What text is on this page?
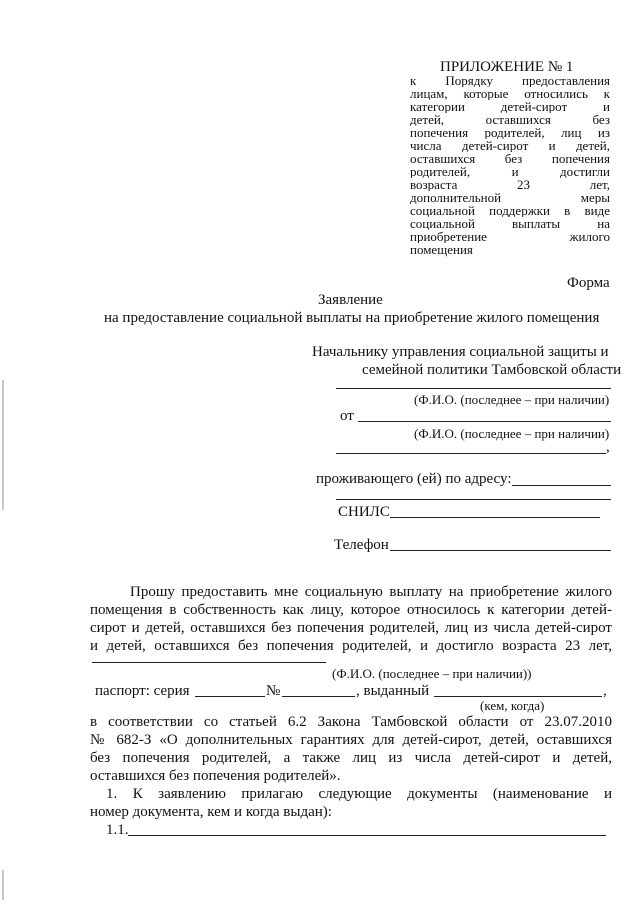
ПРИЛОЖЕНИЕ № 1
к Порядку предоставления
лицам, которые относились к
категории детей-сирот и
детей, оставшихся без
попечения родителей, лиц из
числа детей-сирот и детей,
оставшихся без попечения
родителей, и достигли
возраста 23 лет,
дополнительной меры
социальной поддержки в виде
социальной выплаты на
приобретение жилого
помещения
Форма
Заявление
на предоставление социальной выплаты на приобретение жилого помещения
Начальнику управления социальной защиты и
семейной политики Тамбовской области
(Ф.И.О. (последнее – при наличии)
от
(Ф.И.О. (последнее – при наличии)
,
проживающего (ей) по адресу:
СНИЛС
Телефон
Прошу предоставить мне социальную выплату на приобретение жилого
помещения в собственность как лицу, которое относилось к категории детей-
сирот и детей, оставшихся без попечения родителей, лиц из числа детей-сирот
и детей, оставшихся без попечения родителей, и достигло возраста 23 лет,
(Ф.И.О. (последнее – при наличии))
паспорт: серия	№	, выданный	,
(кем, когда)
в соответствии со статьей 6.2 Закона Тамбовской области от 23.07.2010
№ 682-З «О дополнительных гарантиях для детей-сирот, детей, оставшихся
без попечения родителей, а также лиц из числа детей-сирот и детей,
оставшихся без попечения родителей».
1. К заявлению прилагаю следующие документы (наименование и
номер документа, кем и когда выдан):
1.1.
